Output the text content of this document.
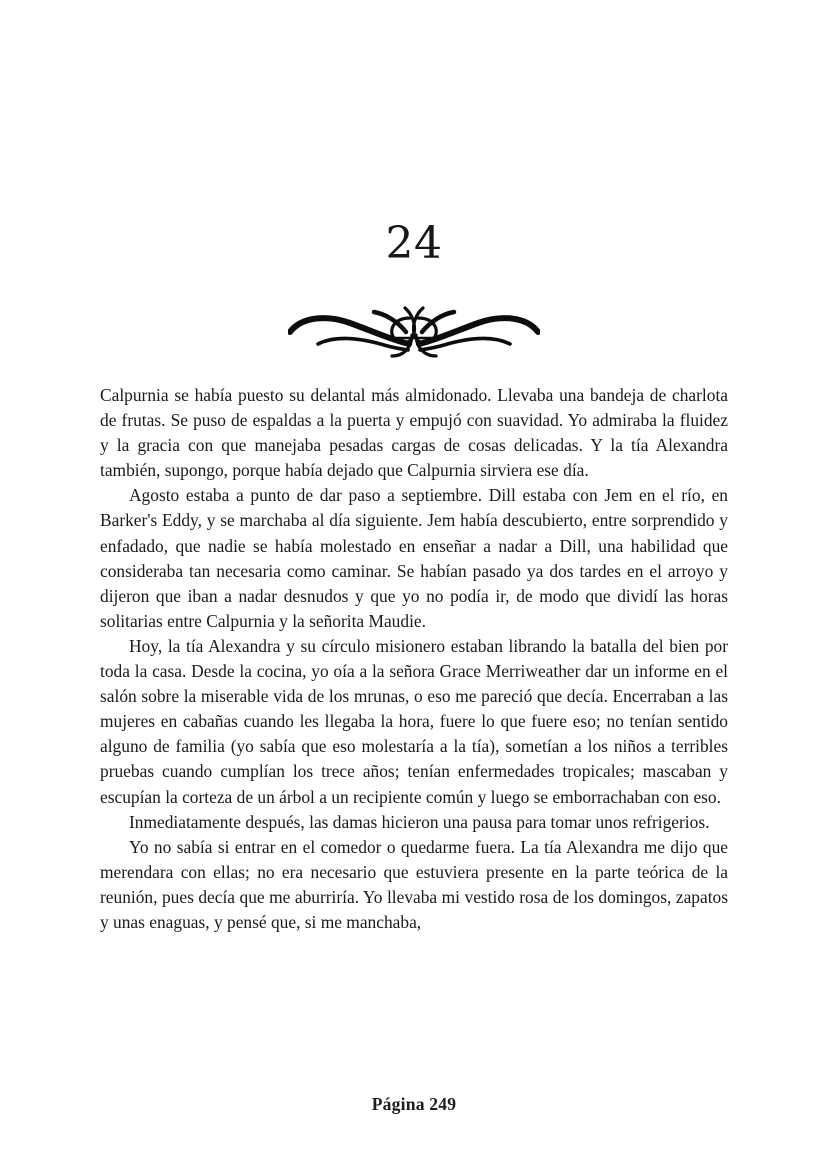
24

Calpurnia se había puesto su delantal más almidonado. Llevaba una bandeja de charlota de frutas. Se puso de espaldas a la puerta y empujó con suavidad. Yo admiraba la fluidez y la gracia con que manejaba pesadas cargas de cosas delicadas. Y la tía Alexandra también, supongo, porque había dejado que Calpurnia sirviera ese día.

Agosto estaba a punto de dar paso a septiembre. Dill estaba con Jem en el río, en Barker's Eddy, y se marchaba al día siguiente. Jem había descubierto, entre sorprendido y enfadado, que nadie se había molestado en enseñar a nadar a Dill, una habilidad que consideraba tan necesaria como caminar. Se habían pasado ya dos tardes en el arroyo y dijeron que iban a nadar desnudos y que yo no podía ir, de modo que dividí las horas solitarias entre Calpurnia y la señorita Maudie.

Hoy, la tía Alexandra y su círculo misionero estaban librando la batalla del bien por toda la casa. Desde la cocina, yo oía a la señora Grace Merriweather dar un informe en el salón sobre la miserable vida de los mrunas, o eso me pareció que decía. Encerraban a las mujeres en cabañas cuando les llegaba la hora, fuere lo que fuere eso; no tenían sentido alguno de familia (yo sabía que eso molestaría a la tía), sometían a los niños a terribles pruebas cuando cumplían los trece años; tenían enfermedades tropicales; mascaban y escupían la corteza de un árbol a un recipiente común y luego se emborrachaban con eso.

Inmediatamente después, las damas hicieron una pausa para tomar unos refrigerios.

Yo no sabía si entrar en el comedor o quedarme fuera. La tía Alexandra me dijo que merendara con ellas; no era necesario que estuviera presente en la parte teórica de la reunión, pues decía que me aburriría. Yo llevaba mi vestido rosa de los domingos, zapatos y unas enaguas, y pensé que, si me manchaba,

Página 249
